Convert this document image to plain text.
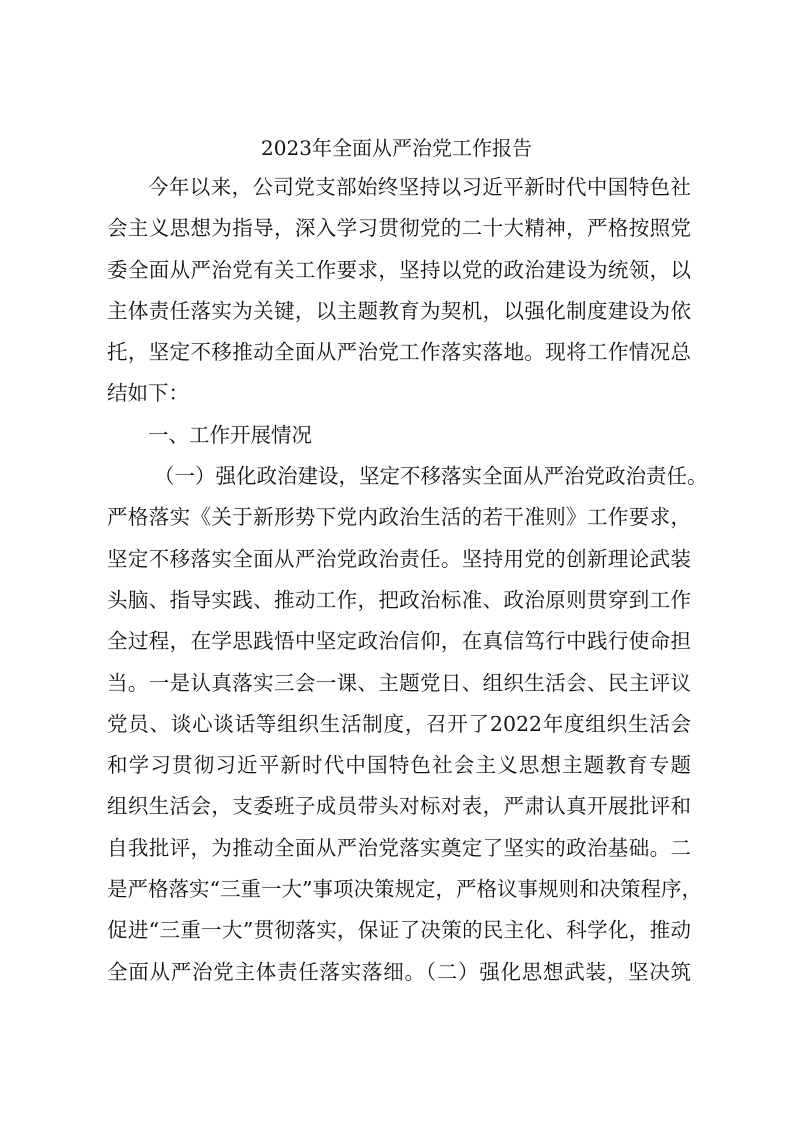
2023年全面从严治党工作报告
今年以来，公司党支部始终坚持以习近平新时代中国特色社
会主义思想为指导，深入学习贯彻党的二十大精神，严格按照党
委全面从严治党有关工作要求，坚持以党的政治建设为统领，以
主体责任落实为关键，以主题教育为契机，以强化制度建设为依
托，坚定不移推动全面从严治党工作落实落地。现将工作情况总
结如下：
一、工作开展情况
（一）强化政治建设，坚定不移落实全面从严治党政治责任。
严格落实《关于新形势下党内政治生活的若干准则》工作要求，
坚定不移落实全面从严治党政治责任。坚持用党的创新理论武装
头脑、指导实践、推动工作，把政治标准、政治原则贯穿到工作
全过程，在学思践悟中坚定政治信仰，在真信笃行中践行使命担
当。一是认真落实三会一课、主题党日、组织生活会、民主评议
党员、谈心谈话等组织生活制度，召开了2022年度组织生活会
和学习贯彻习近平新时代中国特色社会主义思想主题教育专题
组织生活会，支委班子成员带头对标对表，严肃认真开展批评和
自我批评，为推动全面从严治党落实奠定了坚实的政治基础。二
是严格落实“三重一大”事项决策规定，严格议事规则和决策程序，
促进“三重一大”贯彻落实，保证了决策的民主化、科学化，推动
全面从严治党主体责任落实落细。（二）强化思想武装，坚决筑
